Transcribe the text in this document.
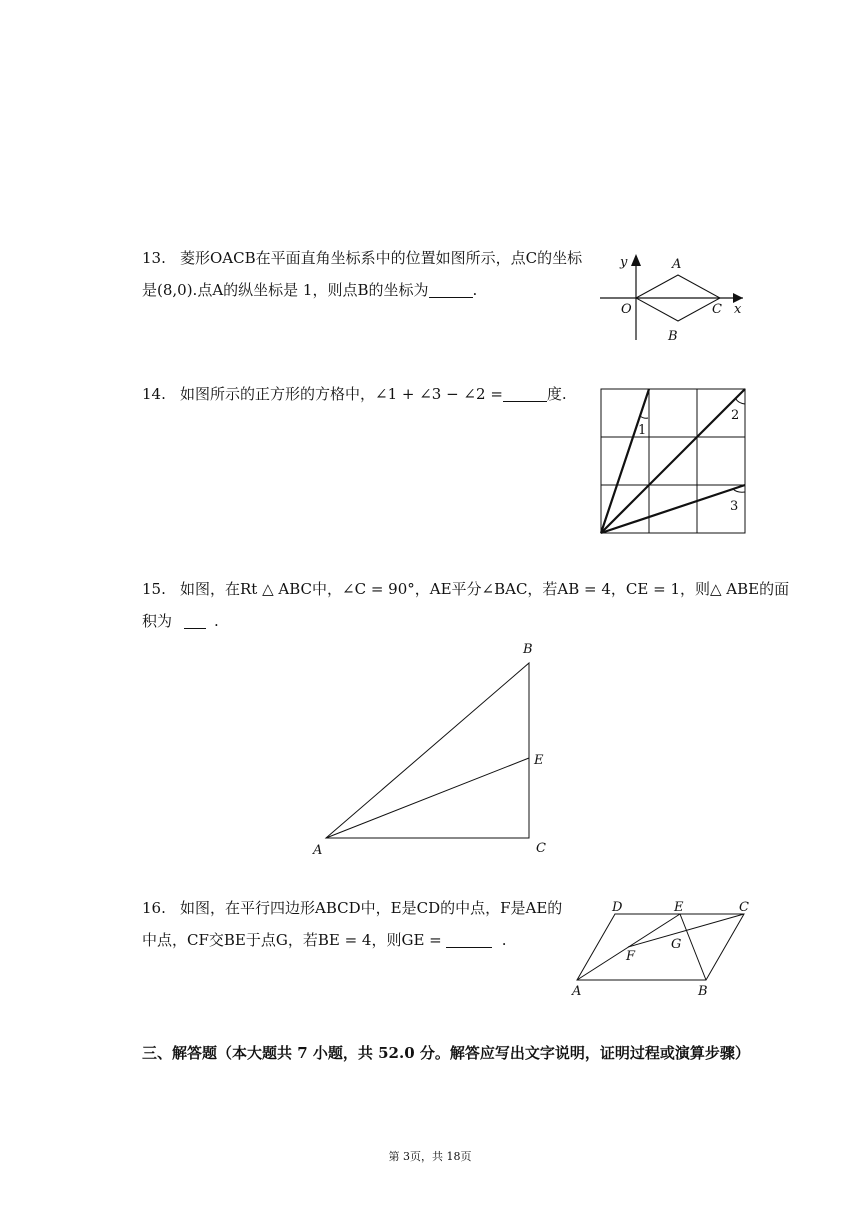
13. 菱形OACB在平面直角坐标系中的位置如图所示，点C的坐标
是(8,0).点A的纵坐标是 1，则点B的坐标为	.
y
x
O
A
C
B
14. 如图所示的正方形的方格中，∠1 + ∠3 − ∠2 =	度.
1
2
3
15. 如图，在Rt △ ABC中，∠C = 90°，AE平分∠BAC，若AB = 4，CE = 1，则△ ABE的面
积为	.
B
E
A	C
16. 如图，在平行四边形ABCD中，E是CD的中点，F是AE的
中点，CF交BE于点G，若BE = 4，则GE =	.
D	E	C
G
F
A	B
三、解答题（本大题共 7 小题，共 52.0 分。解答应写出文字说明，证明过程或演算步骤）
第 3页，共 18页
